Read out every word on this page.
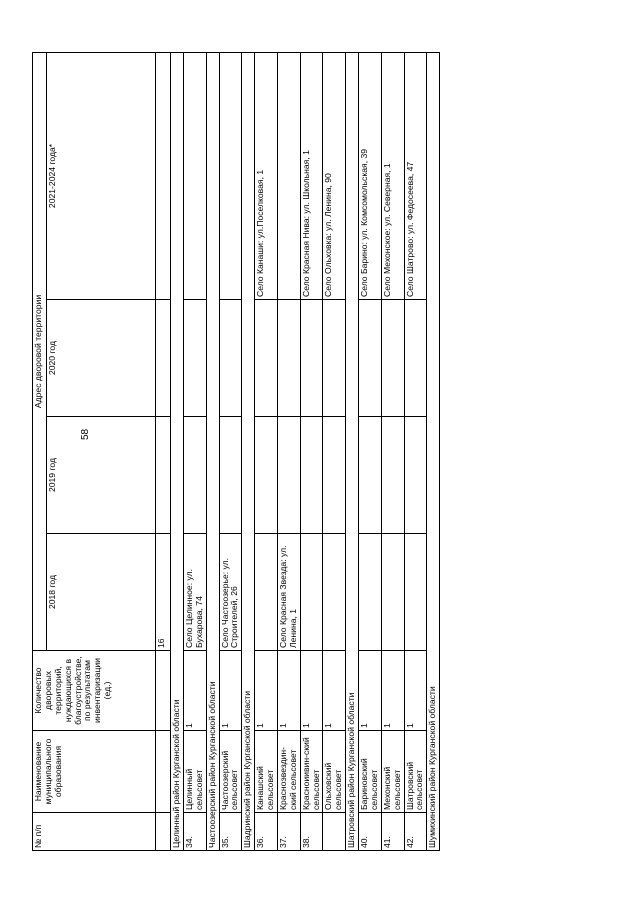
58
№ п/п	Наименование муниципального образования	Количество дворовых территорий, нуждающихся в благоустройстве, по результатам инвентаризации (ед.)	Адрес дворовой территории			
			2018 год	2019 год	2020 год	2021-2024 года*
			16			
Целинный район Курганской области						
34.	Целинный сельсовет	1	Село Целинное: ул. Бухарова, 74			
Частоозерский район Курганской области						
35.	Частоозерский сельсовет	1	Село Частоозерье: ул. Строителей, 26			
Шадринский район Курганской области						
36.	Канашский сельсовет	1				Село Канаши: ул.Поселковая, 1
37.	Красноэвездин-ский сельсовет	1	Село Красная Звезда: ул. Ленина, 1			
38.	Красноиивин-ский сельсовет	1				Село Красная Нива: ул. Школьная, 1
	Ольховский сельсовет	1				Село Ольховка: ул. Ленина, 90
Шатровский район Курганской области						
40.	Бариновский сельсовет	1				Село Барино: ул. Комсомольская, 39
41.	Мехонский сельсовет	1				Село Мехонское: ул. Северная, 1
42.	Шатровский сельсовет	1				Село Шатрово: ул. Федосеева, 47
Шумихинский район Курганской области						
